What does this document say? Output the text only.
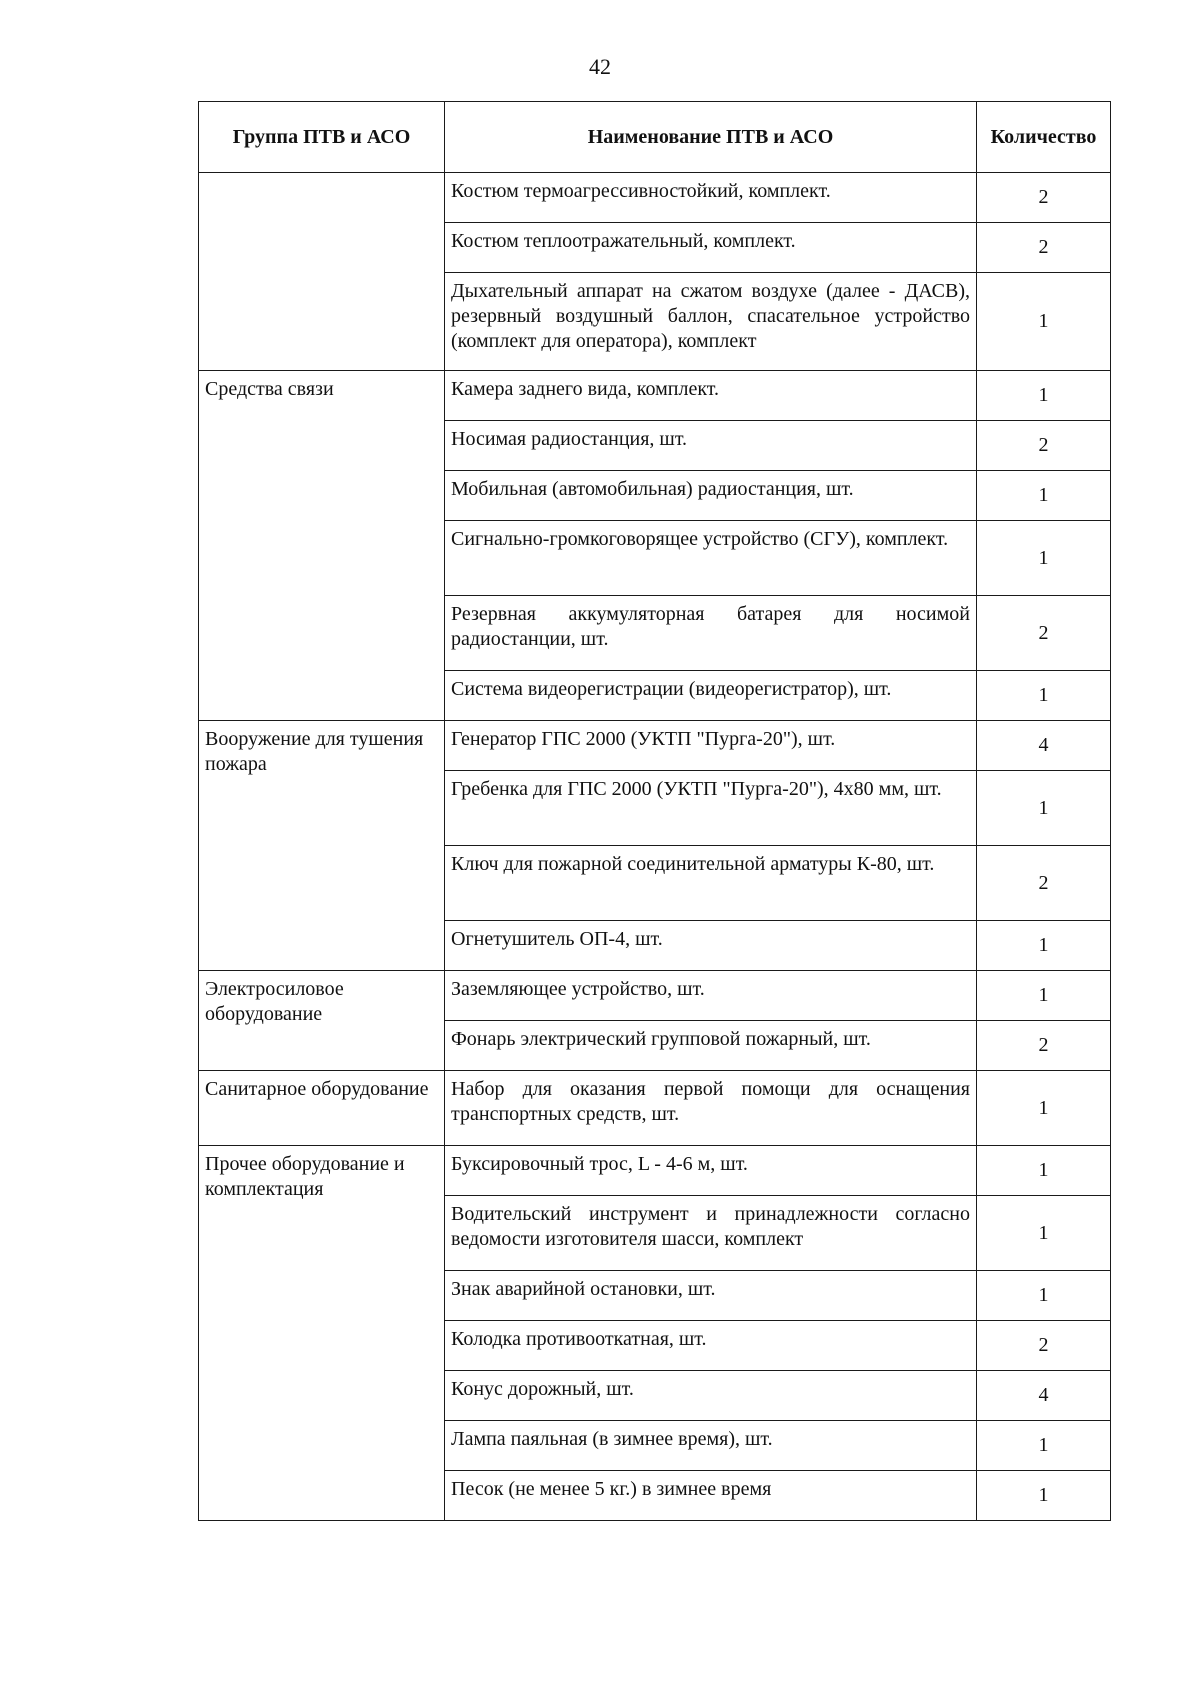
42
Группа ПТВ и АСО	Наименование ПТВ и АСО	Количество
	Костюм термоагрессивностойкий, комплект.	2
	Костюм теплоотражательный, комплект.	2
	Дыхательный аппарат на сжатом воздухе (далее - ДАСВ), резервный воздушный баллон, спасательное устройство (комплект для оператора), комплект	1
Средства связи	Камера заднего вида, комплект.	1
	Носимая радиостанция, шт.	2
	Мобильная (автомобильная) радиостанция, шт.	1
	Сигнально-громкоговорящее устройство (СГУ), комплект.	1
	Резервная аккумуляторная батарея для носимой радиостанции, шт.	2
	Система видеорегистрации (видеорегистратор), шт.	1
Вооружение для тушения пожара	Генератор ГПС 2000 (УКТП "Пурга-20"), шт.	4
	Гребенка для ГПС 2000 (УКТП "Пурга-20"), 4х80 мм, шт.	1
	Ключ для пожарной соединительной арматуры К-80, шт.	2
	Огнетушитель ОП-4, шт.	1
Электросиловое оборудование	Заземляющее устройство, шт.	1
	Фонарь электрический групповой пожарный, шт.	2
Санитарное оборудование	Набор для оказания первой помощи для оснащения транспортных средств, шт.	1
Прочее оборудование и комплектация	Буксировочный трос, L - 4-6 м, шт.	1
	Водительский инструмент и принадлежности согласно ведомости изготовителя шасси, комплект	1
	Знак аварийной остановки, шт.	1
	Колодка противооткатная, шт.	2
	Конус дорожный, шт.	4
	Лампа паяльная (в зимнее время), шт.	1
	Песок (не менее 5 кг.) в зимнее время	1
